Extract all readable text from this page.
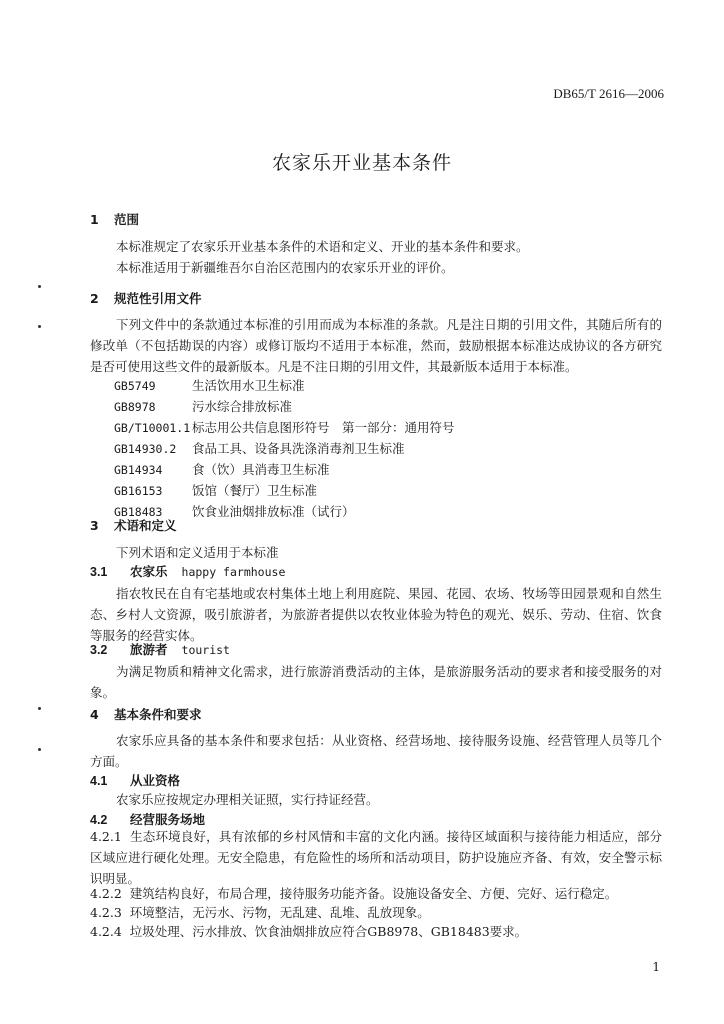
DB65/T 2616—2006
农家乐开业基本条件
1 范围
本标准规定了农家乐开业基本条件的术语和定义、开业的基本条件和要求。
本标准适用于新疆维吾尔自治区范围内的农家乐开业的评价。
2 规范性引用文件
下列文件中的条款通过本标准的引用而成为本标准的条款。凡是注日期的引用文件，其随后所有的修改单（不包括勘误的内容）或修订版均不适用于本标准，然而，鼓励根据本标准达成协议的各方研究是否可使用这些文件的最新版本。凡是不注日期的引用文件，其最新版本适用于本标准。
GB5749	生活饮用水卫生标准
GB8978	污水综合排放标准
GB/T10001.1 标志用公共信息图形符号　第一部分：通用符号
GB14930.2 食品工具、设备具洗涤消毒剂卫生标准
GB14934 食（饮）具消毒卫生标准
GB16153 饭馆（餐厅）卫生标准
GB18483 饮食业油烟排放标准（试行）
3 术语和定义
下列术语和定义适用于本标准
3.1 农家乐 happy farmhouse
指农牧民在自有宅基地或农村集体土地上利用庭院、果园、花园、农场、牧场等田园景观和自然生态、乡村人文资源，吸引旅游者，为旅游者提供以农牧业体验为特色的观光、娱乐、劳动、住宿、饮食等服务的经营实体。
3.2 旅游者 tourist
为满足物质和精神文化需求，进行旅游消费活动的主体，是旅游服务活动的要求者和接受服务的对象。
4 基本条件和要求
农家乐应具备的基本条件和要求包括：从业资格、经营场地、接待服务设施、经营管理人员等几个方面。
4.1 从业资格
农家乐应按规定办理相关证照，实行持证经营。
4.2 经营服务场地
4.2.1 生态环境良好，具有浓郁的乡村风情和丰富的文化内涵。接待区域面积与接待能力相适应，部分区域应进行硬化处理。无安全隐患，有危险性的场所和活动项目，防护设施应齐备、有效，安全警示标识明显。
4.2.2 建筑结构良好，布局合理，接待服务功能齐备。设施设备安全、方便、完好、运行稳定。
4.2.3 环境整洁，无污水、污物，无乱建、乱堆、乱放现象。
4.2.4 垃圾处理、污水排放、饮食油烟排放应符合GB8978、GB18483要求。
1
